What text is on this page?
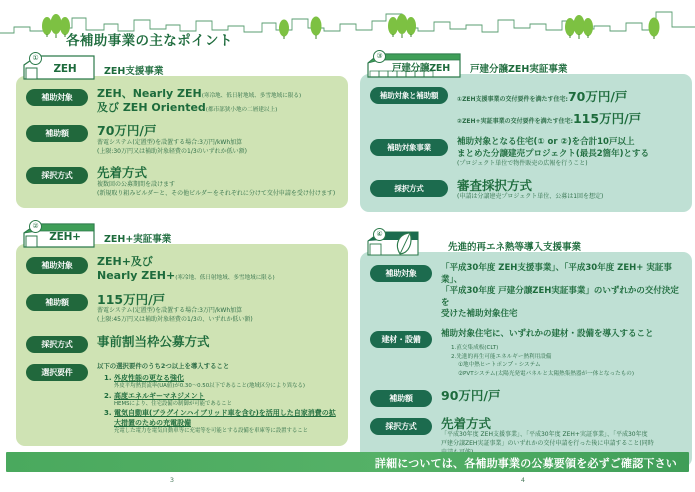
各補助事業の主なポイント
①
ZEH	ZEH支援事業
補助対象	ZEH、Nearly ZEH(寒冷地、低日射地域、多雪地域に限る)
及び ZEH Oriented(都市部狭小地の二層建以上)
補助額	70万円/戸
蓄電システム(定置型)を設置する場合:3万円/kWh加算
(上限:30万円又は補助対象経費の1/3のいずれか低い額)
採択方式	先着方式
複数回の公募期間を設けます
(新規取り組みビルダーと、その他ビルダーをそれぞれに分けて交付申請を受け付けます)
②
ZEH+	ZEH+実証事業
補助対象	ZEH+及び
Nearly ZEH+(寒冷地、低日射地域、多雪地域に限る)
補助額	115万円/戸
蓄電システム(定置型)を設置する場合:3万円/kWh加算
(上限:45万円又は補助対象経費の1/3の、いずれか低い額)
採択方式	事前割当枠公募方式
選択要件
以下の選択要件のうち2つ以上を導入すること
1. 外皮性能の更なる強化
外皮平均熱貫流率(UA値)が0.30〜0.50以下であること(地域区分により異なる)
2. 高度エネルギーマネジメント
HEMSにより、住宅設備の制御が可能であること
3. 電気自動車(プラグインハイブリッド車を含む)を活用した自家消費の拡大措置のための充電設備
充電した電力を電気自動車等に充電等を可能とする設備を車庫等に設置すること
③
戸建分譲ZEH	戸建分譲ZEH実証事業
補助対象と補助額	①ZEH支援事業の交付要件を満たす住宅:70万円/戸
②ZEH+実証事業の交付要件を満たす住宅:115万円/戸
補助対象事業
補助対象となる住宅(① or ②)を合計10戸以上
まとめた分譲建売プロジェクト(最長2箇年)とする
(プロジェクト単位で物件販売の広報を行うこと)
採択方式	審査採択方式
(申請は分譲建売プロジェクト単位、公募は1回を想定)
④
先進的再エネ熱等導入支援事業
補助対象
「平成30年度 ZEH支援事業」、「平成30年度 ZEH+ 実証事業」、
「平成30年度 戸建分譲ZEH実証事業」のいずれかの交付決定を
受けた補助対象住宅
建材・設備
補助対象住宅に、いずれかの建材・設備を導入すること
1.直交集成板(CLT)
2.先進的再生可能エネルギー熱利用設備
①地中熱ヒートポンプ・システム
②PVTシステム(太陽光発電パネルと太陽熱集熱器が一体となったもの)
補助額	90万円/戸
採択方式	先着方式
「平成30年度 ZEH支援事業」、「平成30年度 ZEH+実証事業」、「平成30年度
戸建分譲ZEH実証事業」のいずれかの交付申請を行った後に申請すること(同時
詳細については、各補助事業の公募要領を必ずご確認下さい
3	4
